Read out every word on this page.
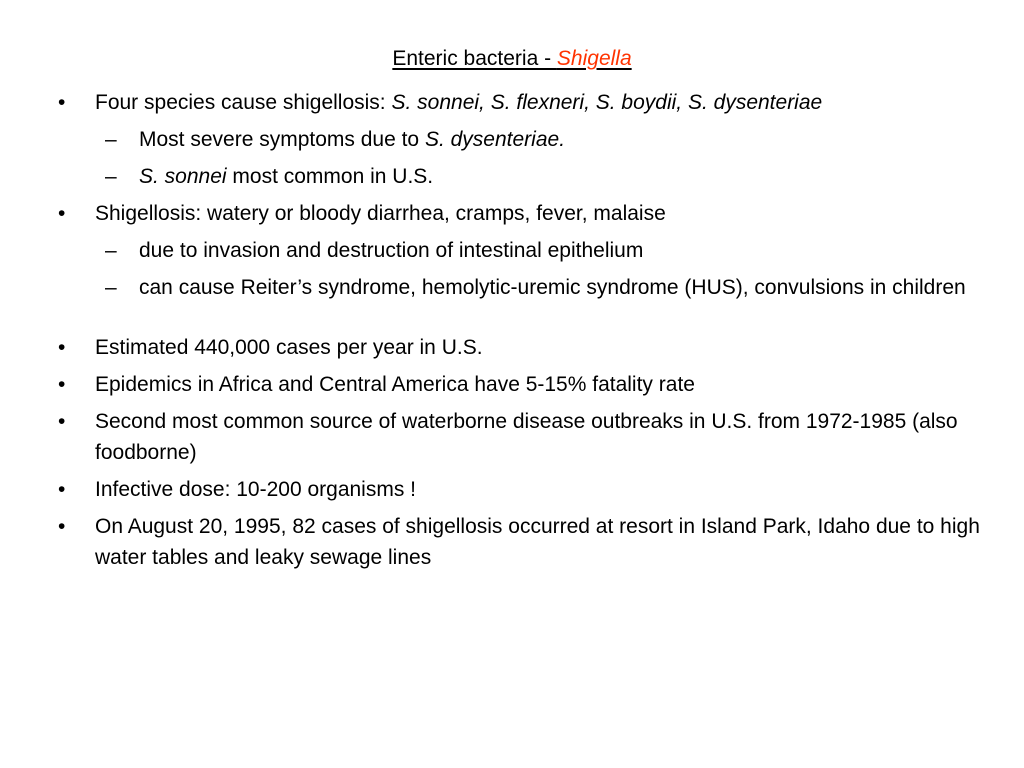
Enteric bacteria - Shigella
• Four species cause shigellosis: S. sonnei, S. flexneri, S. boydii, S. dysenteriae
– Most severe symptoms due to S. dysenteriae.
– S. sonnei most common in U.S.
• Shigellosis: watery or bloody diarrhea, cramps, fever, malaise
– due to invasion and destruction of intestinal epithelium
– can cause Reiter’s syndrome, hemolytic-uremic syndrome (HUS), convulsions in children
• Estimated 440,000 cases per year in U.S.
• Epidemics in Africa and Central America have 5-15% fatality rate
• Second most common source of waterborne disease outbreaks in U.S. from 1972-1985 (also foodborne)
• Infective dose: 10-200 organisms !
• On August 20, 1995, 82 cases of shigellosis occurred at resort in Island Park, Idaho due to high water tables and leaky sewage lines
